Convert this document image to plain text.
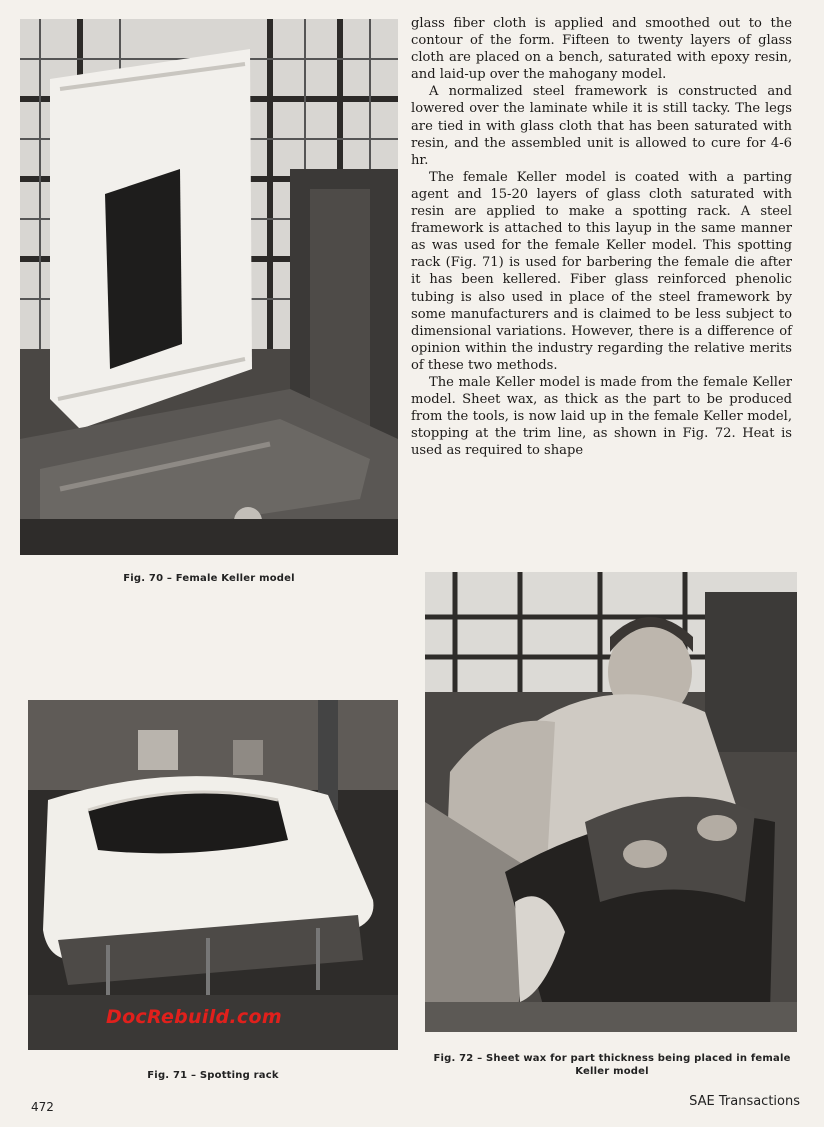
Fig. 70 – Female Keller model

glass fiber cloth is applied and smoothed out to the contour of the form. Fifteen to twenty layers of glass cloth are placed on a bench, saturated with epoxy resin, and laid-up over the mahogany model.

A normalized steel framework is constructed and lowered over the laminate while it is still tacky. The legs are tied in with glass cloth that has been saturated with resin, and the assembled unit is allowed to cure for 4-6 hr.

The female Keller model is coated with a parting agent and 15-20 layers of glass cloth saturated with resin are applied to make a spotting rack. A steel framework is attached to this layup in the same manner as was used for the female Keller model. This spotting rack (Fig. 71) is used for barbering the female die after it has been kellered. Fiber glass reinforced phenolic tubing is also used in place of the steel framework by some manufacturers and is claimed to be less subject to dimensional variations. However, there is a difference of opinion within the industry regarding the relative merits of these two methods.

The male Keller model is made from the female Keller model. Sheet wax, as thick as the part to be produced from the tools, is now laid up in the female Keller model, stopping at the trim line, as shown in Fig. 72. Heat is used as required to shape

Fig. 72 – Sheet wax for part thickness being placed in female Keller model
DocRebuild.com
Fig. 71 – Spotting rack
472	SAE Transactions
